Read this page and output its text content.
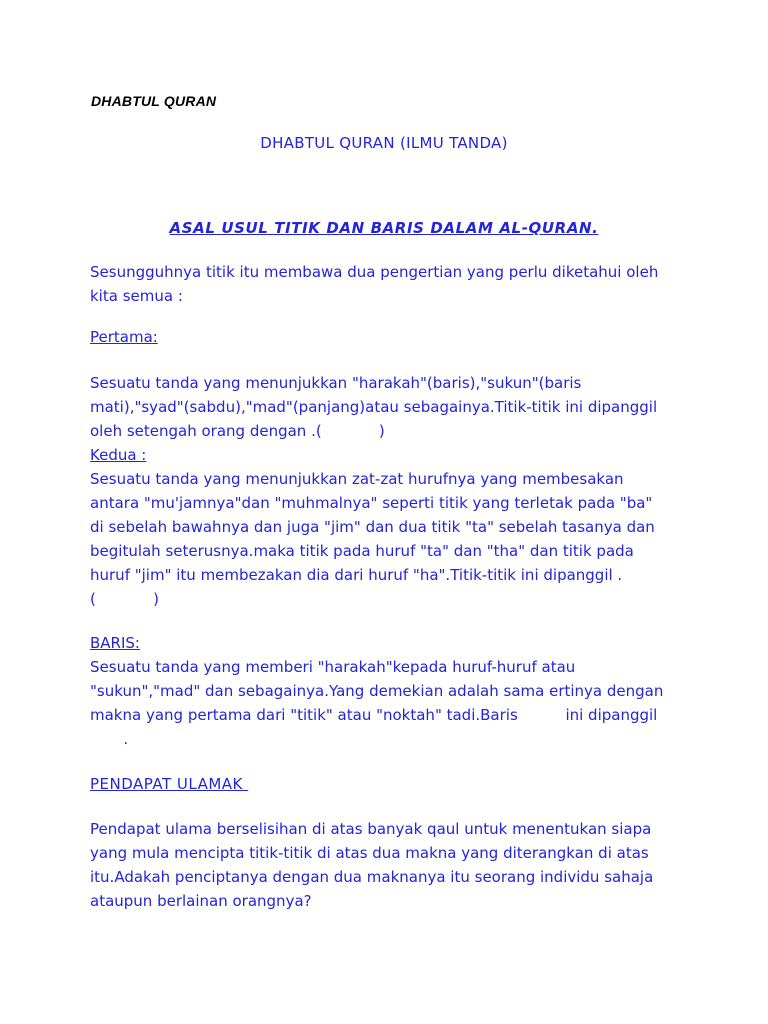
DHABTUL QURAN
DHABTUL QURAN (ILMU TANDA)
ASAL USUL TITIK DAN BARIS DALAM AL-QURAN.
Sesungguhnya titik itu membawa dua pengertian yang perlu diketahui oleh
kita semua :
Pertama:
Sesuatu tanda yang menunjukkan "harakah"(baris),"sukun"(baris
mati),"syad"(sabdu),"mad"(panjang)atau sebagainya.Titik-titik ini dipanggil
oleh setengah orang dengan .(            )
Kedua :
Sesuatu tanda yang menunjukkan zat-zat hurufnya yang membesakan
antara "mu'jamnya"dan "muhmalnya" seperti titik yang terletak pada "ba"
di sebelah bawahnya dan juga "jim" dan dua titik "ta" sebelah tasanya dan
begitulah seterusnya.maka titik pada huruf "ta" dan "tha" dan titik pada
huruf "jim" itu membezakan dia dari huruf "ha".Titik-titik ini dipanggil .
(            )
BARIS:
Sesuatu tanda yang memberi "harakah"kepada huruf-huruf atau
"sukun","mad" dan sebagainya.Yang demekian adalah sama ertinya dengan
makna yang pertama dari "titik" atau "noktah" tadi.Baris          ini dipanggil
.
PENDAPAT ULAMAK
Pendapat ulama berselisihan di atas banyak qaul untuk menentukan siapa
yang mula mencipta titik-titik di atas dua makna yang diterangkan di atas
itu.Adakah penciptanya dengan dua maknanya itu seorang individu sahaja
ataupun berlainan orangnya?
